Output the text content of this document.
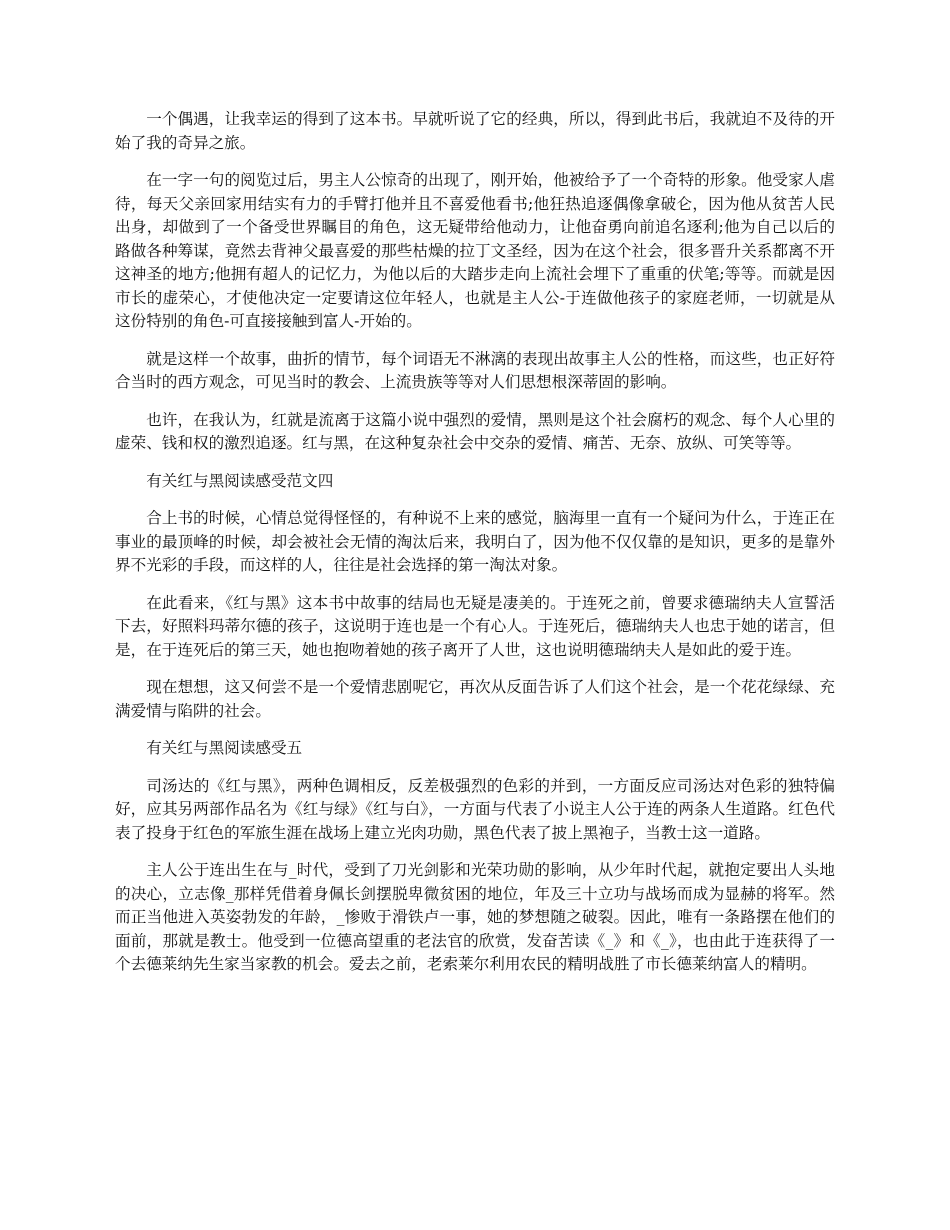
一个偶遇，让我幸运的得到了这本书。早就听说了它的经典，所以，得到此书后，我就迫不及待的开始了我的奇异之旅。

在一字一句的阅览过后，男主人公惊奇的出现了，刚开始，他被给予了一个奇特的形象。他受家人虐待，每天父亲回家用结实有力的手臂打他并且不喜爱他看书;他狂热追逐偶像拿破仑，因为他从贫苦人民出身，却做到了一个备受世界瞩目的角色，这无疑带给他动力，让他奋勇向前追名逐利;他为自己以后的路做各种筹谋，竟然去背神父最喜爱的那些枯燥的拉丁文圣经，因为在这个社会，很多晋升关系都离不开这神圣的地方;他拥有超人的记忆力，为他以后的大踏步走向上流社会埋下了重重的伏笔;等等。而就是因市长的虚荣心，才使他决定一定要请这位年轻人，也就是主人公-于连做他孩子的家庭老师，一切就是从这份特别的角色-可直接接触到富人-开始的。

就是这样一个故事，曲折的情节，每个词语无不淋漓的表现出故事主人公的性格，而这些，也正好符合当时的西方观念，可见当时的教会、上流贵族等等对人们思想根深蒂固的影响。

也许，在我认为，红就是流离于这篇小说中强烈的爱情，黑则是这个社会腐朽的观念、每个人心里的虚荣、钱和权的激烈追逐。红与黑，在这种复杂社会中交杂的爱情、痛苦、无奈、放纵、可笑等等。

有关红与黑阅读感受范文四

合上书的时候，心情总觉得怪怪的，有种说不上来的感觉，脑海里一直有一个疑问为什么，于连正在事业的最顶峰的时候，却会被社会无情的淘汰后来，我明白了，因为他不仅仅靠的是知识，更多的是靠外界不光彩的手段，而这样的人，往往是社会选择的第一淘汰对象。

在此看来，《红与黑》这本书中故事的结局也无疑是凄美的。于连死之前，曾要求德瑞纳夫人宣誓活下去，好照料玛蒂尔德的孩子，这说明于连也是一个有心人。于连死后，德瑞纳夫人也忠于她的诺言，但是，在于连死后的第三天，她也抱吻着她的孩子离开了人世，这也说明德瑞纳夫人是如此的爱于连。

现在想想，这又何尝不是一个爱情悲剧呢它，再次从反面告诉了人们这个社会，是一个花花绿绿、充满爱情与陷阱的社会。

有关红与黑阅读感受五

司汤达的《红与黑》，两种色调相反，反差极强烈的色彩的并到，一方面反应司汤达对色彩的独特偏好，应其另两部作品名为《红与绿》《红与白》，一方面与代表了小说主人公于连的两条人生道路。红色代表了投身于红色的军旅生涯在战场上建立光肉功勋，黑色代表了披上黑袍子，当教士这一道路。

主人公于连出生在与_时代，受到了刀光剑影和光荣功勋的影响，从少年时代起，就抱定要出人头地的决心，立志像_那样凭借着身佩长剑摆脱卑微贫困的地位，年及三十立功与战场而成为显赫的将军。然而正当他进入英姿勃发的年龄，_惨败于滑铁卢一事，她的梦想随之破裂。因此，唯有一条路摆在他们的面前，那就是教士。他受到一位德高望重的老法官的欣赏，发奋苦读《_》和《_》，也由此于连获得了一个去德莱纳先生家当家教的机会。爱去之前，老索莱尔利用农民的精明战胜了市长德莱纳富人的精明。
